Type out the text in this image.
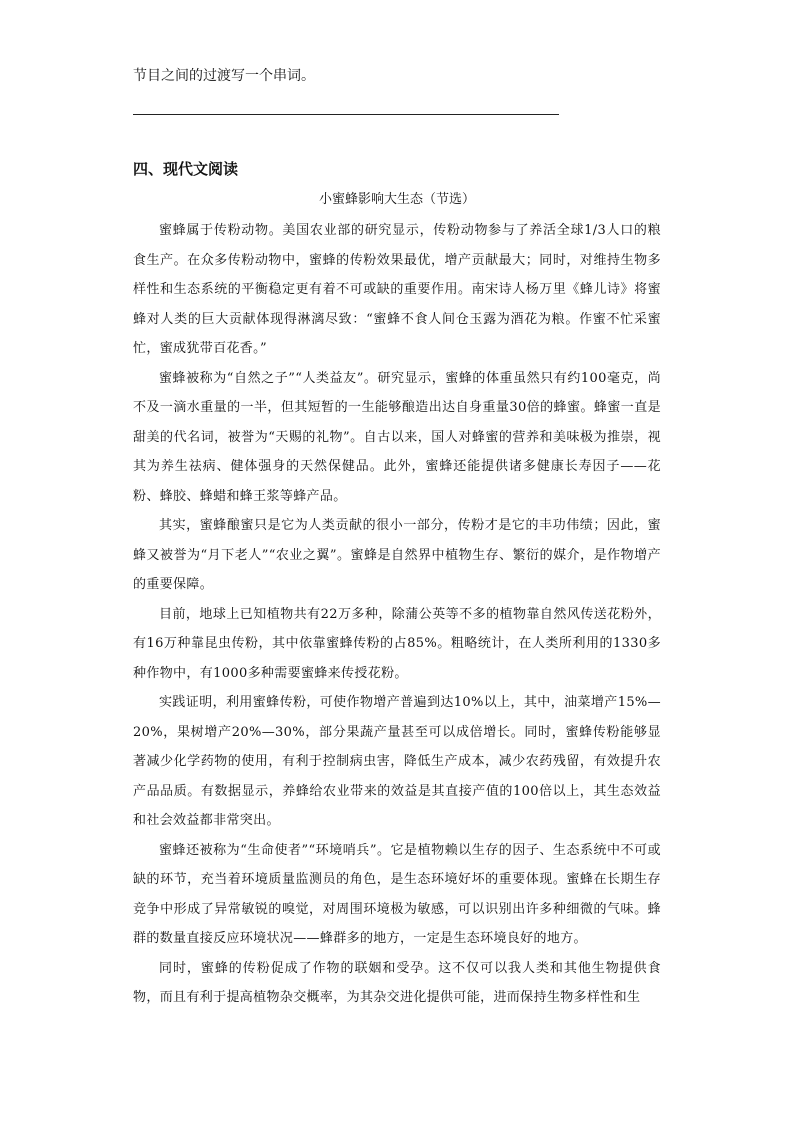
节目之间的过渡写一个串词。
四、现代文阅读
小蜜蜂影响大生态（节选）

蜜蜂属于传粉动物。美国农业部的研究显示，传粉动物参与了养活全球1/3人口的粮食生产。在众多传粉动物中，蜜蜂的传粉效果最优，增产贡献最大；同时，对维持生物多样性和生态系统的平衡稳定更有着不可或缺的重要作用。南宋诗人杨万里《蜂儿诗》将蜜蜂对人类的巨大贡献体现得淋漓尽致：“蜜蜂不食人间仓玉露为酒花为粮。作蜜不忙采蜜忙，蜜成犹带百花香。”

蜜蜂被称为“自然之子”“人类益友”。研究显示，蜜蜂的体重虽然只有约100毫克，尚不及一滴水重量的一半，但其短暂的一生能够酿造出达自身重量30倍的蜂蜜。蜂蜜一直是甜美的代名词，被誉为“天赐的礼物”。自古以来，国人对蜂蜜的营养和美味极为推崇，视其为养生祛病、健体强身的天然保健品。此外，蜜蜂还能提供诸多健康长寿因子——花粉、蜂胶、蜂蜡和蜂王浆等蜂产品。

其实，蜜蜂酿蜜只是它为人类贡献的很小一部分，传粉才是它的丰功伟绩；因此，蜜蜂又被誉为“月下老人”“农业之翼”。蜜蜂是自然界中植物生存、繁衍的媒介，是作物增产的重要保障。

目前，地球上已知植物共有22万多种，除蒲公英等不多的植物靠自然风传送花粉外，有16万种靠昆虫传粉，其中依靠蜜蜂传粉的占85%。粗略统计，在人类所利用的1330多种作物中，有1000多种需要蜜蜂来传授花粉。

实践证明，利用蜜蜂传粉，可使作物增产普遍到达10%以上，其中，油菜增产15%—20%，果树增产20%—30%，部分果蔬产量甚至可以成倍增长。同时，蜜蜂传粉能够显著减少化学药物的使用，有利于控制病虫害，降低生产成本，减少农药残留，有效提升农产品品质。有数据显示，养蜂给农业带来的效益是其直接产值的100倍以上，其生态效益和社会效益都非常突出。

蜜蜂还被称为“生命使者”“环境哨兵”。它是植物赖以生存的因子、生态系统中不可或缺的环节，充当着环境质量监测员的角色，是生态环境好坏的重要体现。蜜蜂在长期生存竞争中形成了异常敏锐的嗅觉，对周围环境极为敏感，可以识别出许多种细微的气味。蜂群的数量直接反应环境状况——蜂群多的地方，一定是生态环境良好的地方。

同时，蜜蜂的传粉促成了作物的联姻和受孕。这不仅可以我人类和其他生物提供食物，而且有利于提高植物杂交概率，为其杂交进化提供可能，进而保持生物多样性和生
